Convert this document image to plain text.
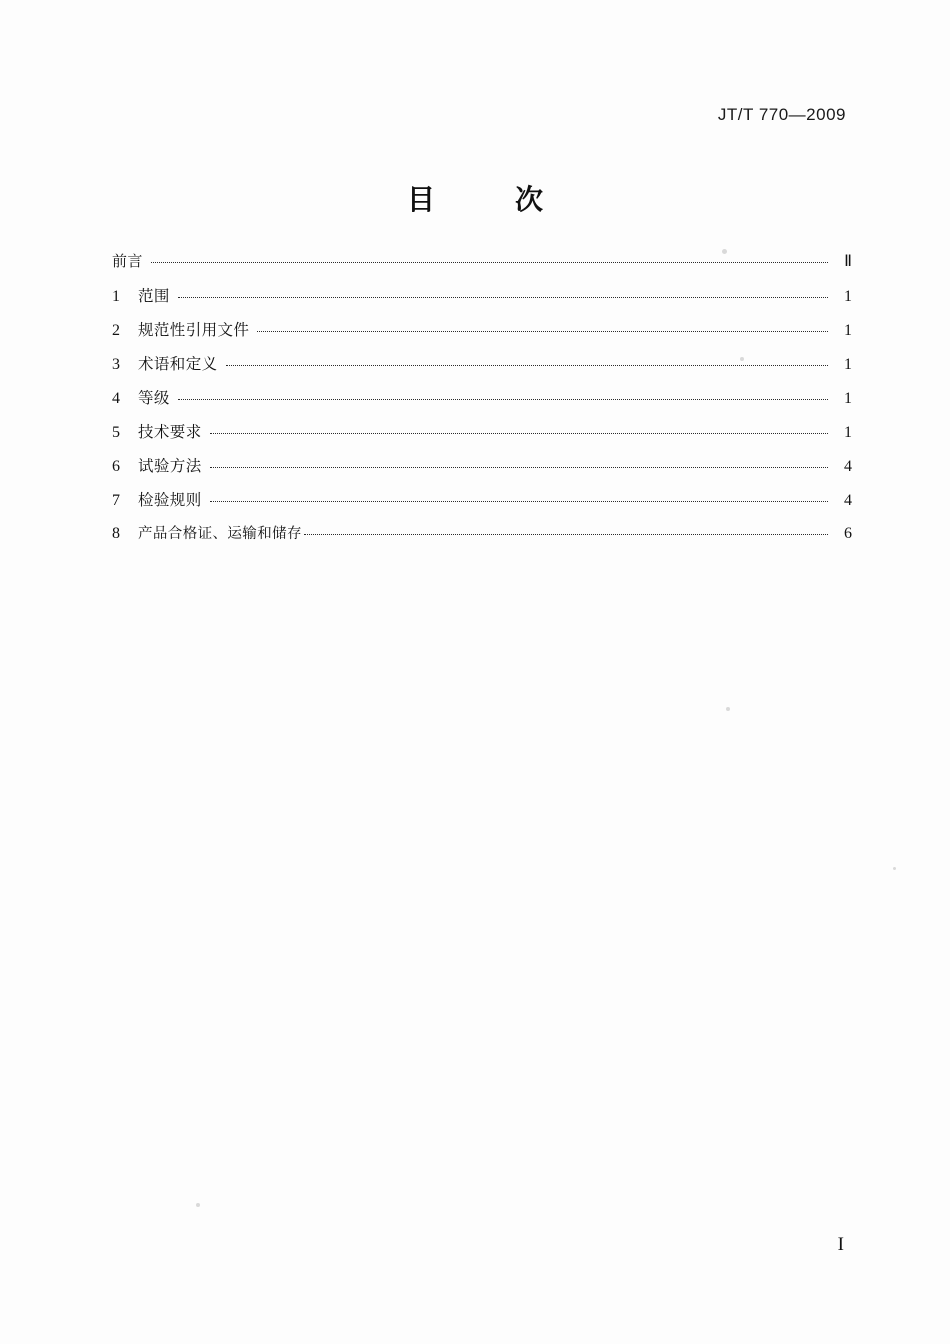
JT/T 770—2009
目　次
前言	Ⅱ
1	范围	1
2	规范性引用文件	1
3	术语和定义	1
4	等级	1
5	技术要求	1
6	试验方法	4
7	检验规则	4
8	产品合格证、运输和储存	6
I
